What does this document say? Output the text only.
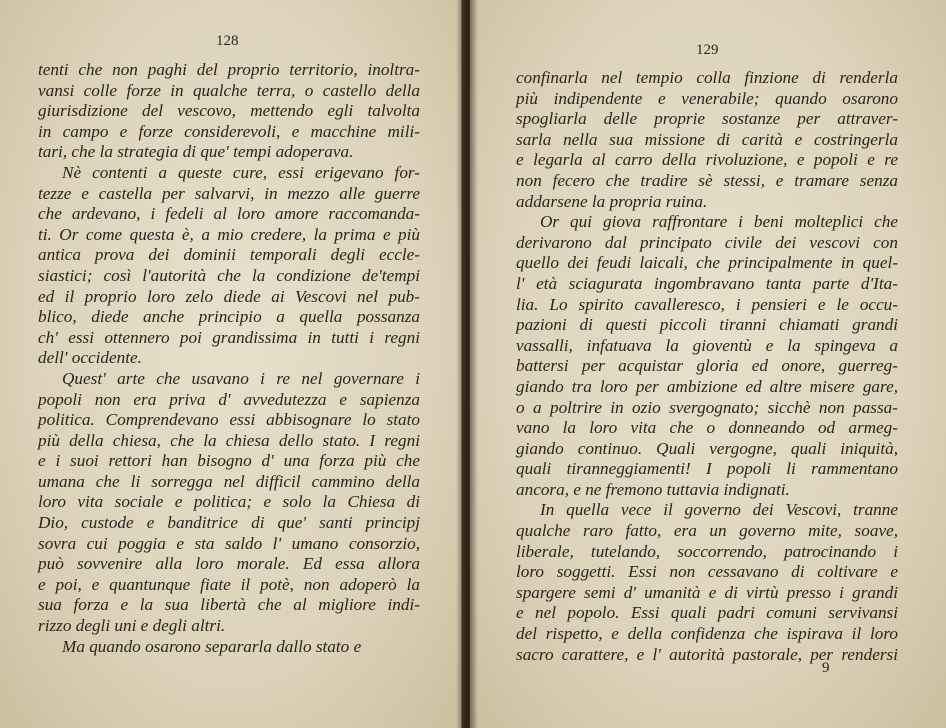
128
tenti che non paghi del proprio territorio, inoltra-
vansi colle forze in qualche terra, o castello della
giurisdizione del vescovo, mettendo egli talvolta
in campo e forze considerevoli, e macchine mili-
tari, che la strategia di que' tempi adoperava.
Nè contenti a queste cure, essi erigevano for-
tezze e castella per salvarvi, in mezzo alle guerre
che ardevano, i fedeli al loro amore raccomanda-
ti. Or come questa è, a mio credere, la prima e più
antica prova dei dominii temporali degli eccle-
siastici; così l'autorità che la condizione de'tempi
ed il proprio loro zelo diede ai Vescovi nel pub-
blico, diede anche principio a quella possanza
ch' essi ottennero poi grandissima in tutti i regni
dell' occidente.
Quest' arte che usavano i re nel governare i
popoli non era priva d' avvedutezza e sapienza
politica. Comprendevano essi abbisognare lo stato
più della chiesa, che la chiesa dello stato. I regni
e i suoi rettori han bisogno d' una forza più che
umana che li sorregga nel difficil cammino della
loro vita sociale e politica; e solo la Chiesa di
Dio, custode e banditrice di que' santi principj
sovra cui poggia e sta saldo l' umano consorzio,
può sovvenire alla loro morale. Ed essa allora
e poi, e quantunque fiate il potè, non adoperò la
sua forza e la sua libertà che al migliore indi-
rizzo degli uni e degli altri.
Ma quando osarono separarla dallo stato e
129
confinarla nel tempio colla finzione di renderla
più indipendente e venerabile; quando osarono
spogliarla delle proprie sostanze per attraver-
sarla nella sua missione di carità e costringerla
e legarla al carro della rivoluzione, e popoli e re
non fecero che tradire sè stessi, e tramare senza
addarsene la propria ruina.
Or qui giova raffrontare i beni molteplici che
derivarono dal principato civile dei vescovi con
quello dei feudi laicali, che principalmente in quel-
l' età sciagurata ingombravano tanta parte d'Ita-
lia. Lo spirito cavalleresco, i pensieri e le occu-
pazioni di questi piccoli tiranni chiamati grandi
vassalli, infatuava la gioventù e la spingeva a
battersi per acquistar gloria ed onore, guerreg-
giando tra loro per ambizione ed altre misere gare,
o a poltrire in ozio svergognato; sicchè non passa-
vano la loro vita che o donneando od armeg-
giando continuo. Quali vergogne, quali iniquità,
quali tiranneggiamenti! I popoli li rammentano
ancora, e ne fremono tuttavia indignati.
In quella vece il governo dei Vescovi, tranne
qualche raro fatto, era un governo mite, soave,
liberale, tutelando, soccorrendo, patrocinando i
loro soggetti. Essi non cessavano di coltivare e
spargere semi d' umanità e di virtù presso i grandi
e nel popolo. Essi quali padri comuni servivansi
del rispetto, e della confidenza che ispirava il loro
sacro carattere, e l' autorità pastorale, per rendersi
9
